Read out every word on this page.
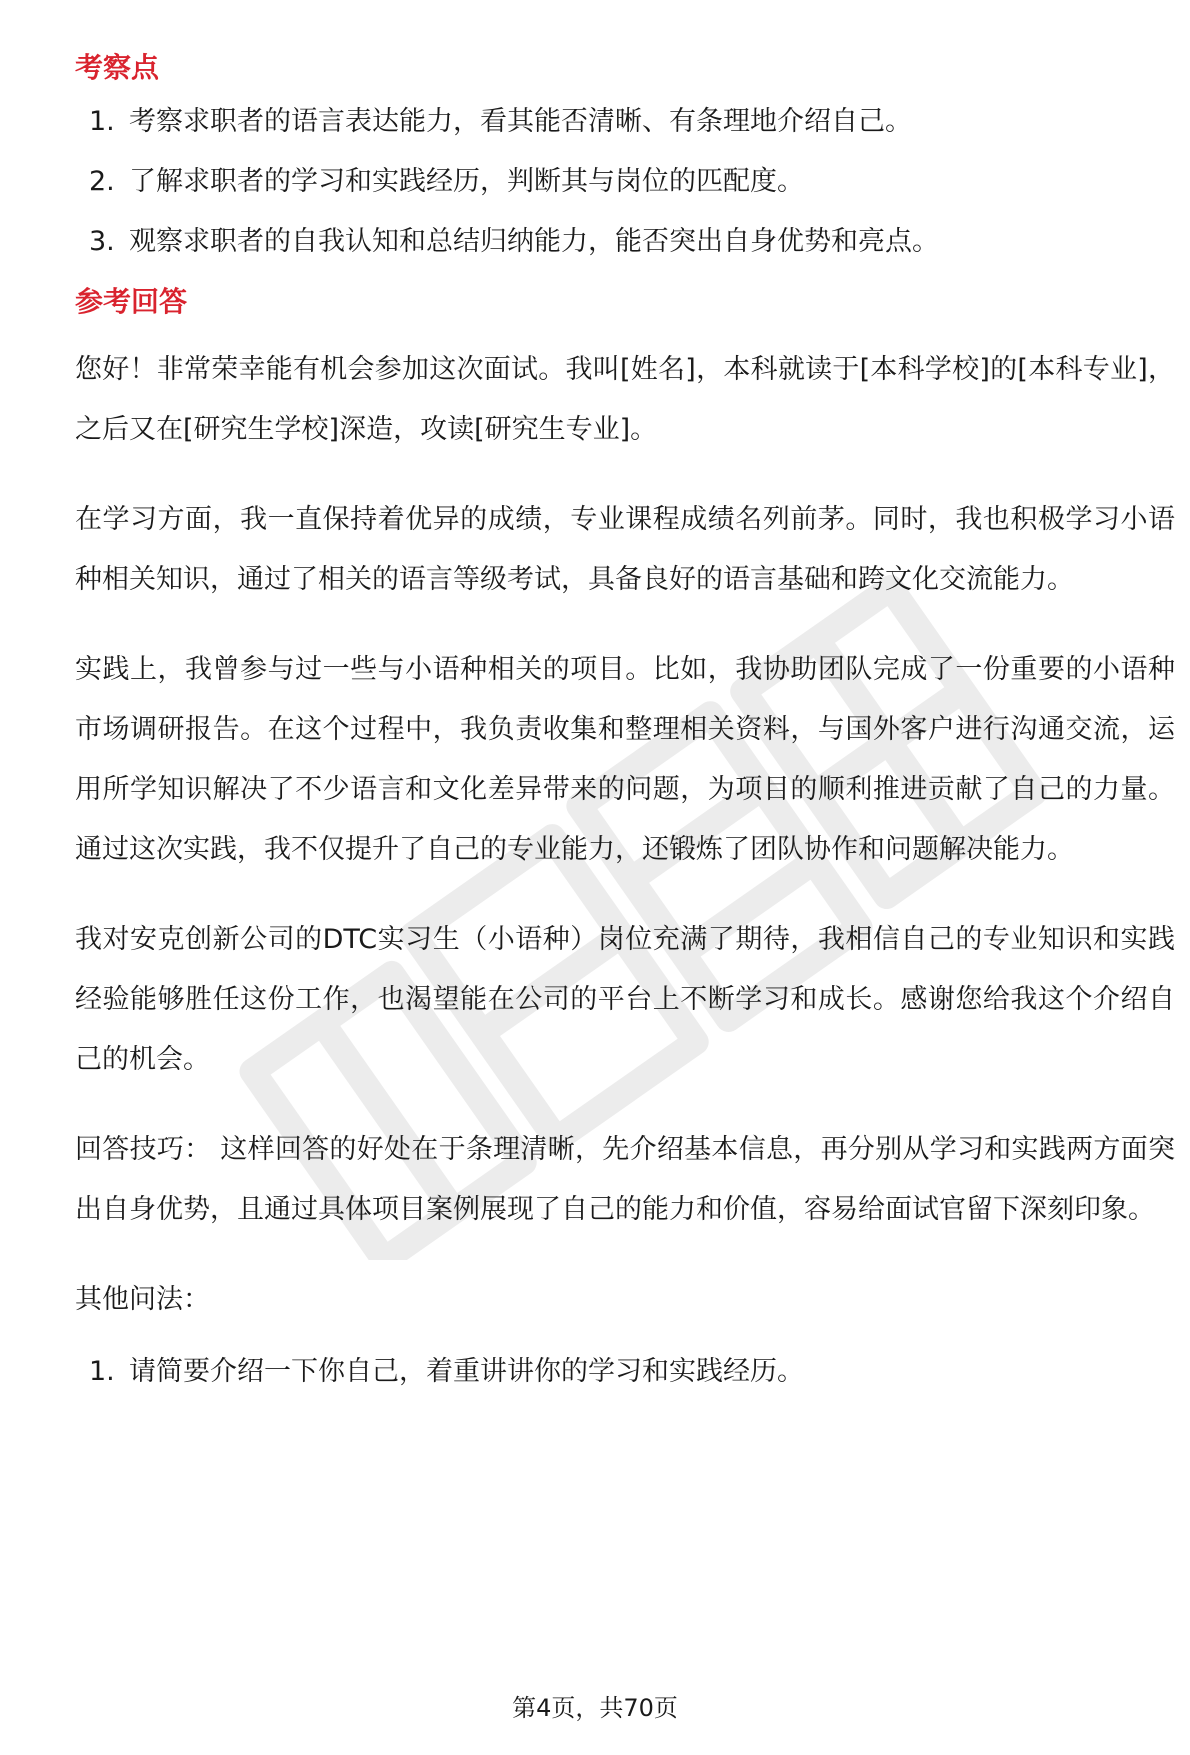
考察点
1. 考察求职者的语言表达能力，看其能否清晰、有条理地介绍自己。
2. 了解求职者的学习和实践经历，判断其与岗位的匹配度。
3. 观察求职者的自我认知和总结归纳能力，能否突出自身优势和亮点。
参考回答

您好！非常荣幸能有机会参加这次面试。我叫[姓名]，本科就读于[本科学校]的[本科专业]，之后又在[研究生学校]深造，攻读[研究生专业]。

在学习方面，我一直保持着优异的成绩，专业课程成绩名列前茅。同时，我也积极学习小语种相关知识，通过了相关的语言等级考试，具备良好的语言基础和跨文化交流能力。

实践上，我曾参与过一些与小语种相关的项目。比如，我协助团队完成了一份重要的小语种市场调研报告。在这个过程中，我负责收集和整理相关资料，与国外客户进行沟通交流，运用所学知识解决了不少语言和文化差异带来的问题，为项目的顺利推进贡献了自己的力量。通过这次实践，我不仅提升了自己的专业能力，还锻炼了团队协作和问题解决能力。

我对安克创新公司的DTC实习生（小语种）岗位充满了期待，我相信自己的专业知识和实践经验能够胜任这份工作，也渴望能在公司的平台上不断学习和成长。感谢您给我这个介绍自己的机会。

回答技巧： 这样回答的好处在于条理清晰，先介绍基本信息，再分别从学习和实践两方面突出自身优势，且通过具体项目案例展现了自己的能力和价值，容易给面试官留下深刻印象。

其他问法：
1. 请简要介绍一下你自己，着重讲讲你的学习和实践经历。
第4页，共70页
